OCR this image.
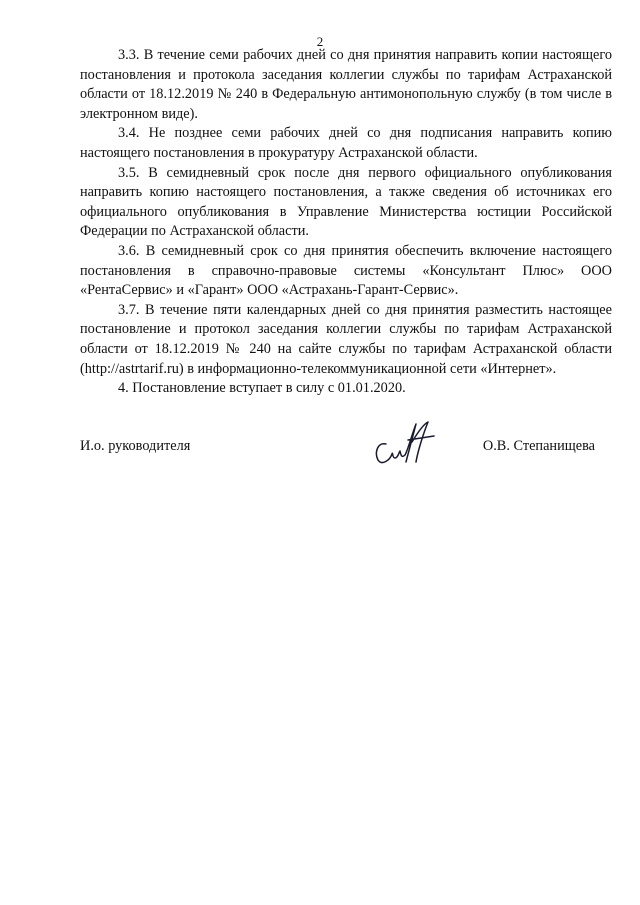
2

3.3. В течение семи рабочих дней со дня принятия направить копии настоящего постановления и протокола заседания коллегии службы по тарифам Астраханской области от 18.12.2019 № 240 в Федеральную антимонопольную службу (в том числе в электронном виде).

3.4. Не позднее семи рабочих дней со дня подписания направить копию настоящего постановления в прокуратуру Астраханской области.

3.5. В семидневный срок после дня первого официального опубликования направить копию настоящего постановления, а также сведения об источниках его официального опубликования в Управление Министерства юстиции Российской Федерации по Астраханской области.

3.6. В семидневный срок со дня принятия обеспечить включение настоящего постановления в справочно-правовые системы «Консультант Плюс» ООО «РентаСервис» и «Гарант» ООО «Астрахань-Гарант-Сервис».

3.7. В течение пяти календарных дней со дня принятия разместить настоящее постановление и протокол заседания коллегии службы по тарифам Астраханской области от 18.12.2019 № 240 на сайте службы по тарифам Астраханской области (http://astrtarif.ru) в информационно-телекоммуникационной сети «Интернет».

4. Постановление вступает в силу с 01.01.2020.

И.о. руководителя	О.В. Степанищева
